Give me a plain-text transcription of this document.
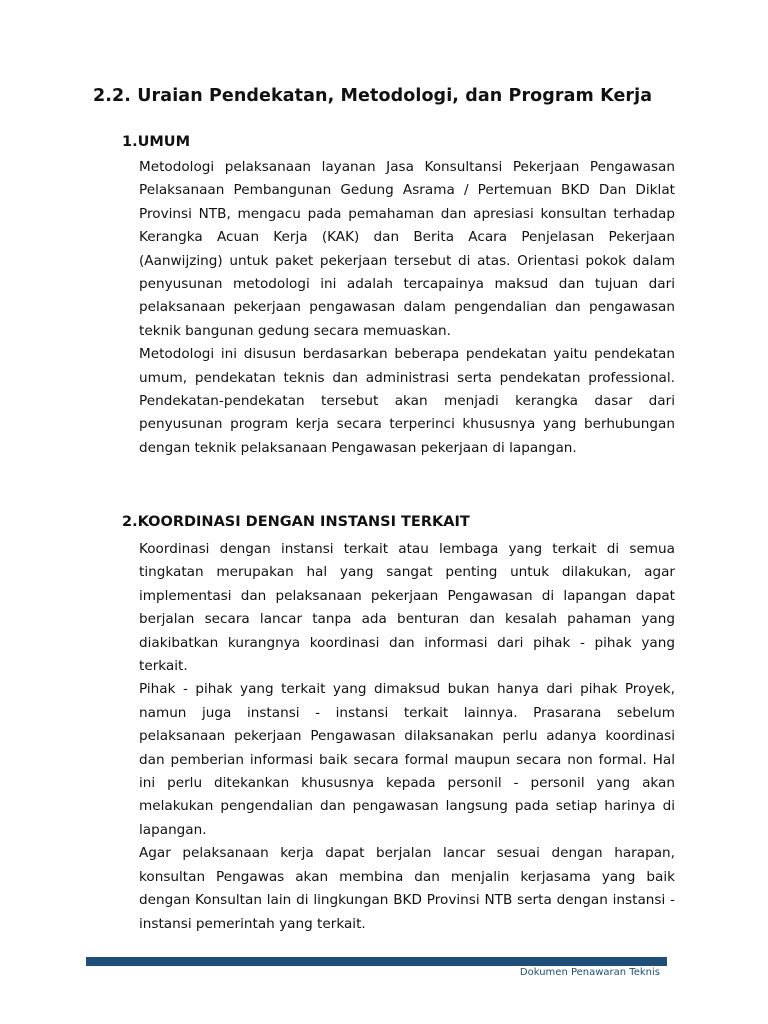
2.2. Uraian Pendekatan, Metodologi, dan Program Kerja
1.UMUM

Metodologi pelaksanaan layanan Jasa Konsultansi Pekerjaan Pengawasan Pelaksanaan Pembangunan Gedung Asrama / Pertemuan BKD Dan Diklat Provinsi NTB, mengacu pada pemahaman dan apresiasi konsultan terhadap Kerangka Acuan Kerja (KAK) dan Berita Acara Penjelasan Pekerjaan (Aanwijzing) untuk paket pekerjaan tersebut di atas. Orientasi pokok dalam penyusunan metodologi ini adalah tercapainya maksud dan tujuan dari pelaksanaan pekerjaan pengawasan dalam pengendalian dan pengawasan teknik bangunan gedung secara memuaskan.

Metodologi ini disusun berdasarkan beberapa pendekatan yaitu pendekatan umum, pendekatan teknis dan administrasi serta pendekatan professional. Pendekatan-pendekatan tersebut akan menjadi kerangka dasar dari penyusunan program kerja secara terperinci khususnya yang berhubungan dengan teknik pelaksanaan Pengawasan pekerjaan di lapangan.

2.KOORDINASI DENGAN INSTANSI TERKAIT

Koordinasi dengan instansi terkait atau lembaga yang terkait di semua tingkatan merupakan hal yang sangat penting untuk dilakukan, agar implementasi dan pelaksanaan pekerjaan Pengawasan di lapangan dapat berjalan secara lancar tanpa ada benturan dan kesalah pahaman yang diakibatkan kurangnya koordinasi dan informasi dari pihak - pihak yang terkait.

Pihak - pihak yang terkait yang dimaksud bukan hanya dari pihak Proyek, namun juga instansi - instansi terkait lainnya. Prasarana sebelum pelaksanaan pekerjaan Pengawasan dilaksanakan perlu adanya koordinasi dan pemberian informasi baik secara formal maupun secara non formal. Hal ini perlu ditekankan khususnya kepada personil - personil yang akan melakukan pengendalian dan pengawasan langsung pada setiap harinya di lapangan.

Agar pelaksanaan kerja dapat berjalan lancar sesuai dengan harapan, konsultan Pengawas akan membina dan menjalin kerjasama yang baik dengan Konsultan lain di lingkungan BKD Provinsi NTB serta dengan instansi - instansi pemerintah yang terkait.

Dokumen Penawaran Teknis
